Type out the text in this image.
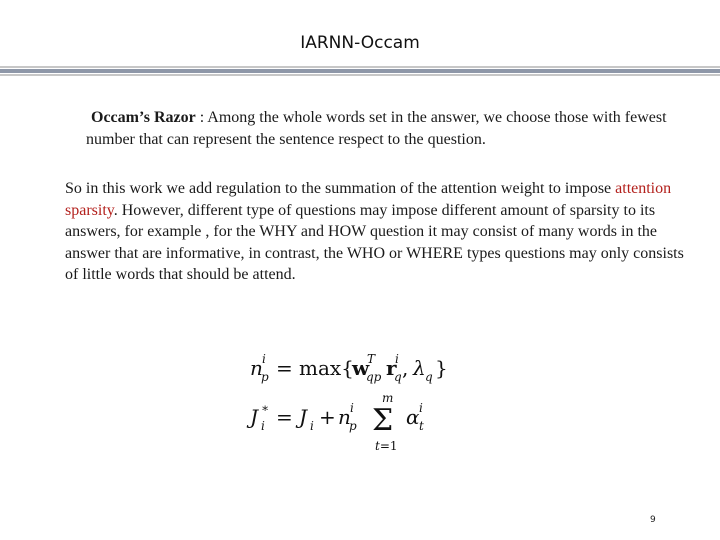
IARNN-Occam
Occam’s Razor : Among the whole words set in the answer, we choose those with fewest number that can represent the sentence respect to the question.
So in this work we add regulation to the summation of the attention weight to impose attention sparsity. However, different type of questions may impose different amount of sparsity to its answers, for example , for the WHY and HOW question it may consist of many words in the answer that are informative, in contrast, the WHO or WHERE types questions may only consists of little words that should be attend.
n i
p = max{
w
T
qp r
i
q , λ q }
J ∗
i = J i + n i
p
m
Σ
t=1
α i
t
9
